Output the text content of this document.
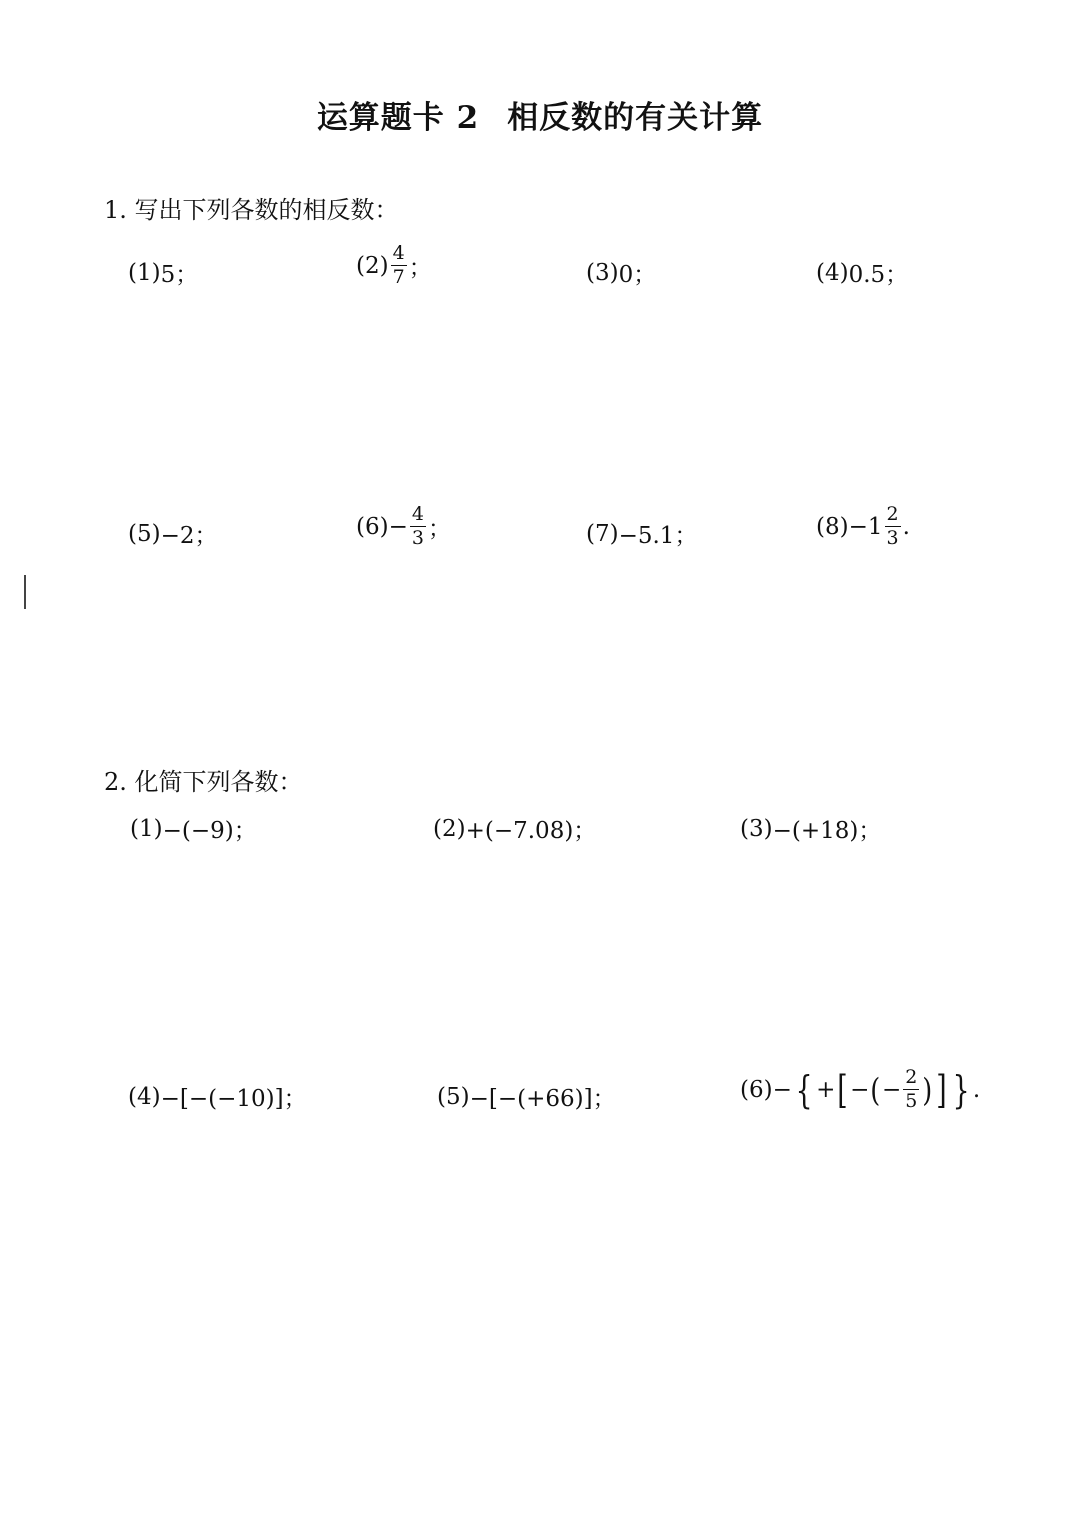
运算题卡 2 相反数的有关计算
1. 写出下列各数的相反数：
(1) 5；	$(2) \frac{4}{7}$ ；	(3) 0；	(4) 0.5；
(5) −2；	$(6) - \frac{4}{3}$ ；	(7) −5.1；	$(8) -1 \frac{2}{3}$ .
2. 化简下列各数：
(1) −(−9)；	(2) +(−7.08)；	(3) −(+18)；
(4) −[−(−10)]；	(5) −[−(+66)]；	(6) − { + [ − ( − $\frac{2}{5}$ ) ] } .
